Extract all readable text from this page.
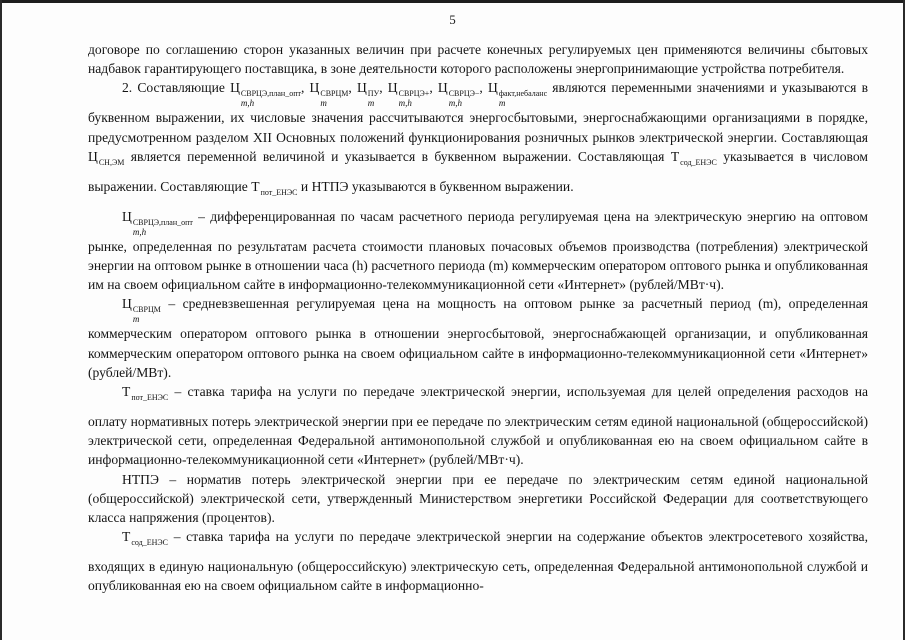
5

договоре по соглашению сторон указанных величин при расчете конечных регулируемых цен применяются величины сбытовых надбавок гарантирующего поставщика, в зоне деятельности которого расположены энергопринимающие устройства потребителя.

2. Составляющие Ц СВРЦЭ,план_опт
m,h
, Ц СВРЦМ
m
, Ц ПУ
m
, Ц СВРЦЭ+
m,h
, Ц СВРЦЭ−
m,h
, Ц факт,небаланс
m
являются переменными значениями и указываются в буквенном выражении, их числовые значения рассчитываются энергосбытовыми, энергоснабжающими организациями в порядке, предусмотренном разделом XII Основных положений функционирования розничных рынков электрической энергии. Составляющая Ц СН,ЭМ
является переменной величиной и указывается в буквенном выражении. Составляющая Т сод_ЕНЭС
указывается в числовом выражении. Составляющие Т пот_ЕНЭС
и НТПЭ указываются в буквенном выражении.

Ц СВРЦЭ,план_опт
m,h
– дифференцированная по часам расчетного периода регулируемая цена на электрическую энергию на оптовом рынке, определенная по результатам расчета стоимости плановых почасовых объемов производства (потребления) электрической энергии на оптовом рынке в отношении часа (h) расчетного периода (m) коммерческим оператором оптового рынка и опубликованная им на своем официальном сайте в информационно-телекоммуникационной сети «Интернет» (рублей/МВт·ч).

Ц СВРЦМ
m
– средневзвешенная регулируемая цена на мощность на оптовом рынке за расчетный период (m), определенная коммерческим оператором оптового рынка в отношении энергосбытовой, энергоснабжающей организации, и опубликованная коммерческим оператором оптового рынка на своем официальном сайте в информационно-телекоммуникационной сети «Интернет» (рублей/МВт).

Т пот_ЕНЭС
– ставка тарифа на услуги по передаче электрической энергии, используемая для целей определения расходов на оплату нормативных потерь электрической энергии при ее передаче по электрическим сетям единой национальной (общероссийской) электрической сети, определенная Федеральной антимонопольной службой и опубликованная ею на своем официальном сайте в информационно-телекоммуникационной сети «Интернет» (рублей/МВт·ч).

НТПЭ – норматив потерь электрической энергии при ее передаче по электрическим сетям единой национальной (общероссийской) электрической сети, утвержденный Министерством энергетики Российской Федерации для соответствующего класса напряжения (процентов).

Т сод_ЕНЭС
– ставка тарифа на услуги по передаче электрической энергии на содержание объектов электросетевого хозяйства, входящих в единую национальную (общероссийскую) электрическую сеть, определенная Федеральной антимонопольной службой и опубликованная ею на своем официальном сайте в информационно-
